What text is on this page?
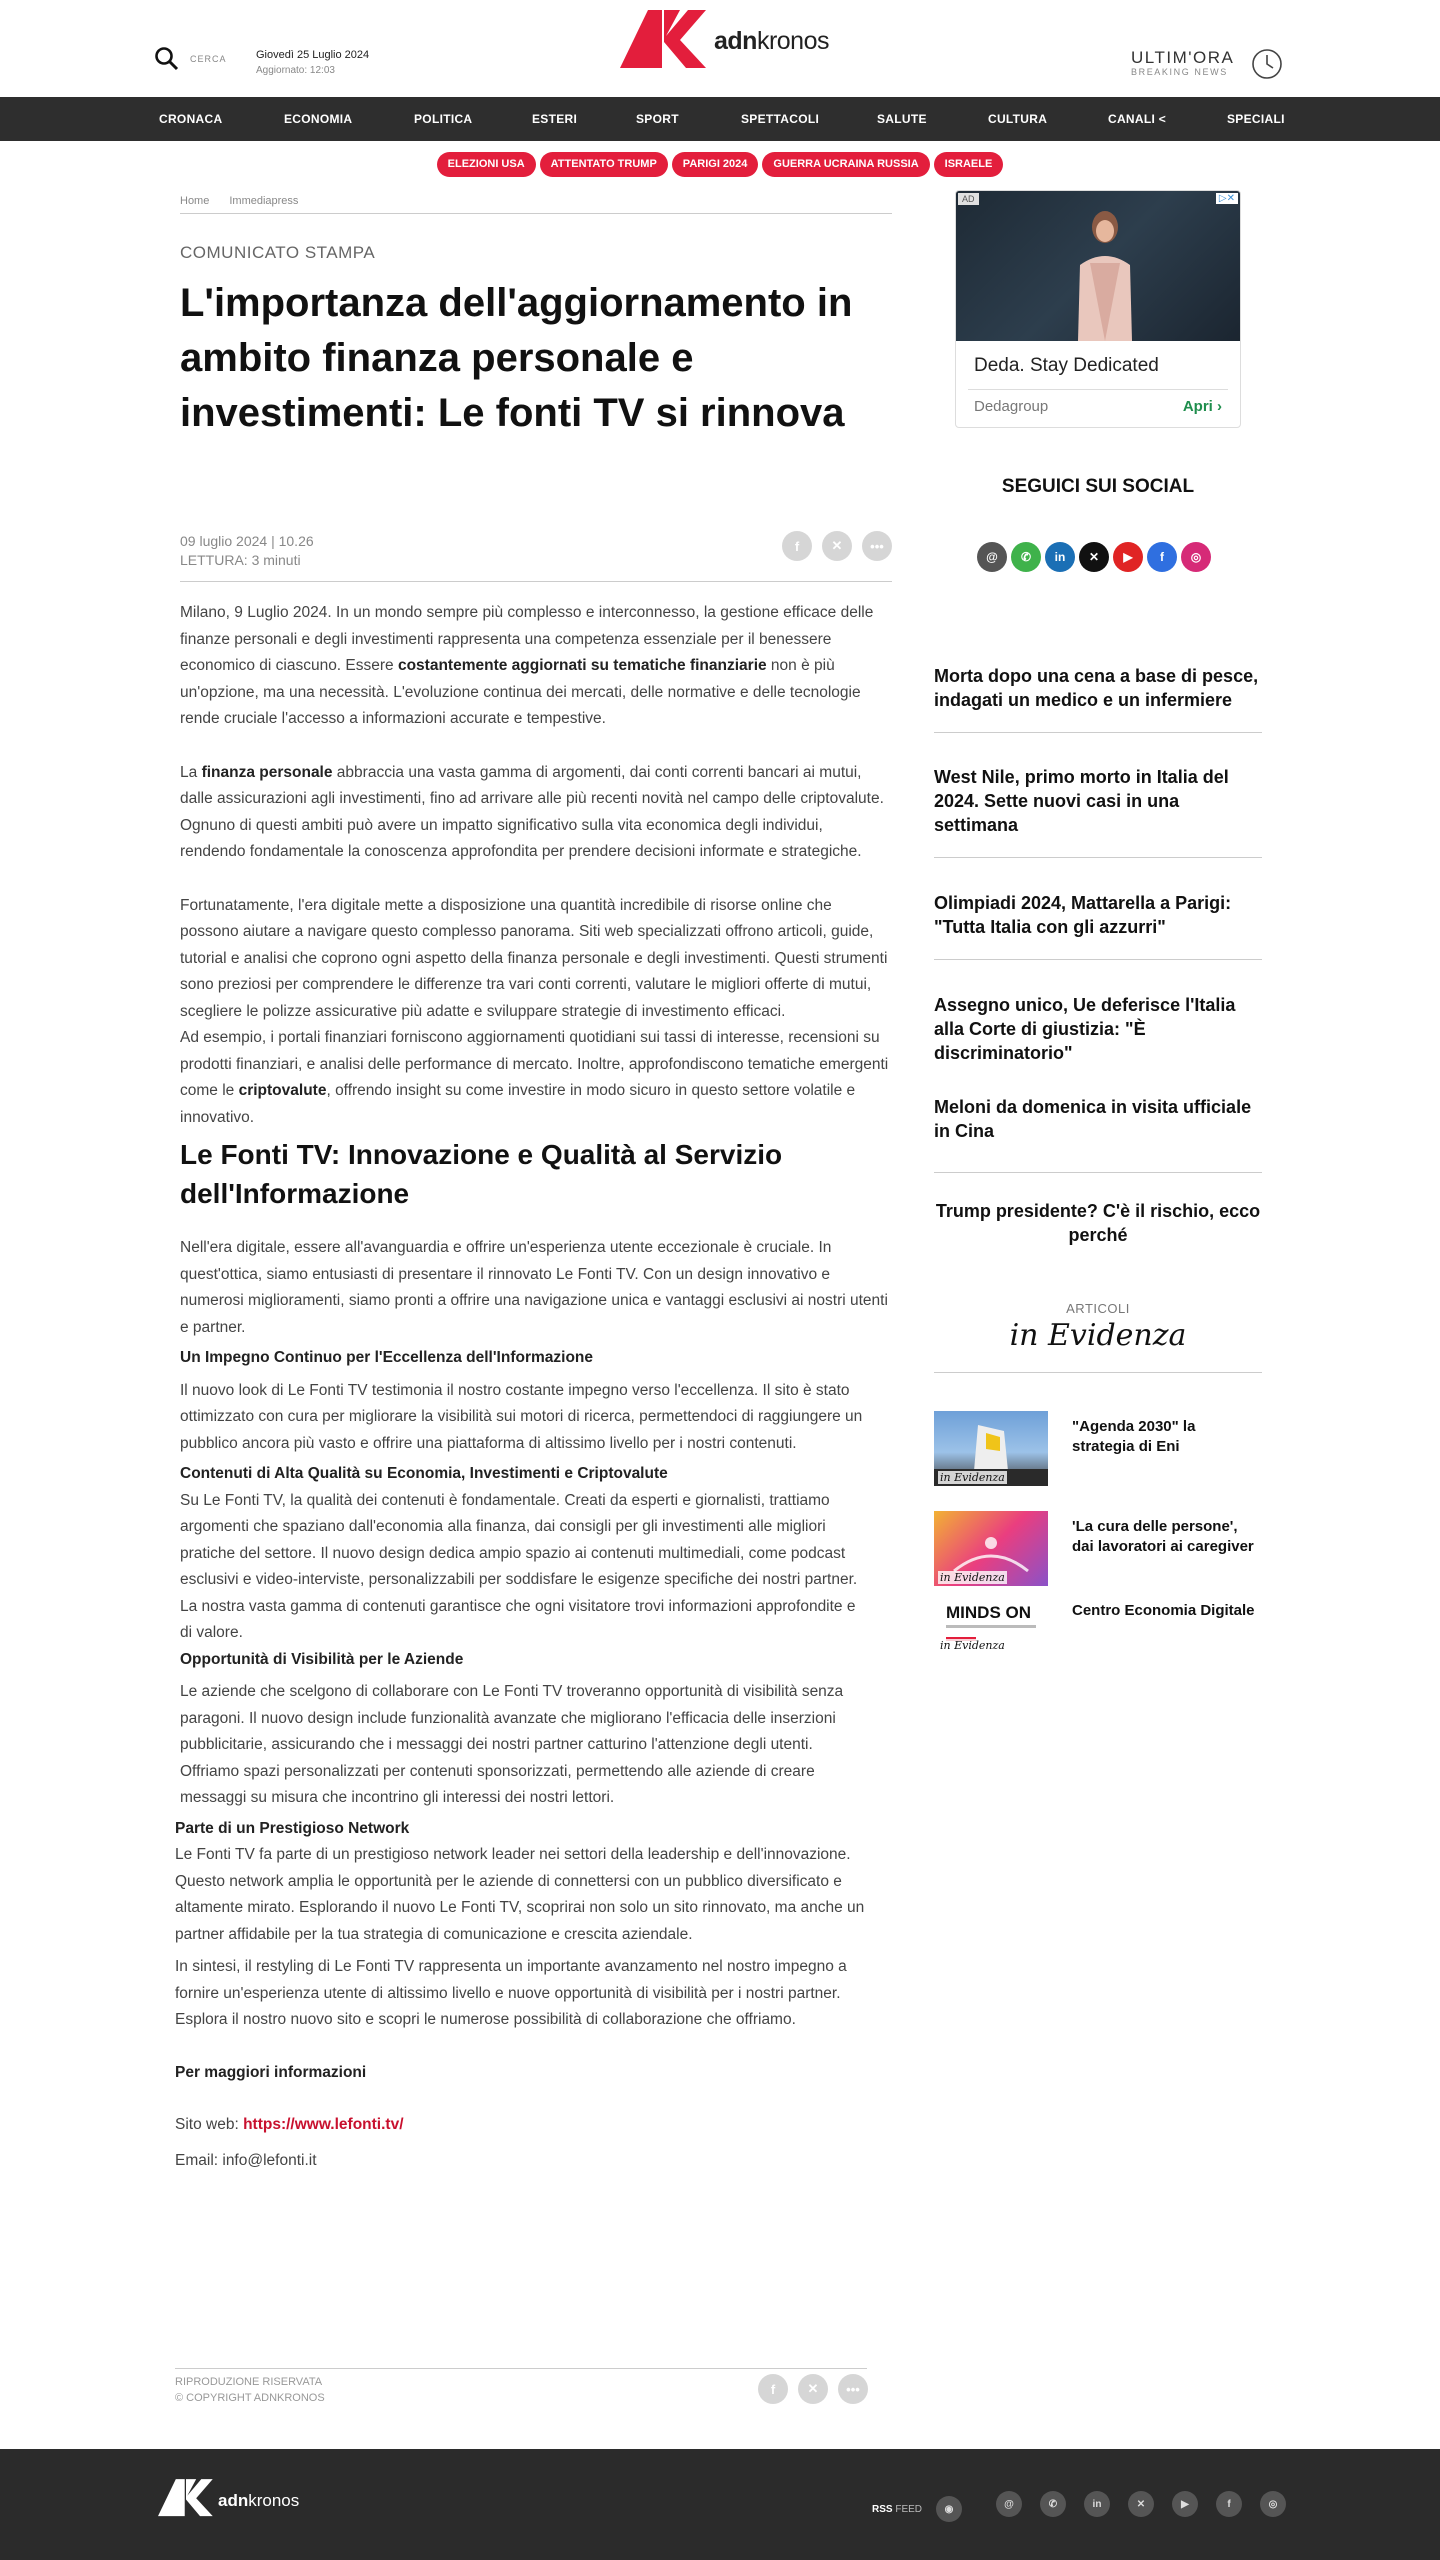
CERCA	Giovedì 25 Luglio 2024
Aggiornato: 12:03
adnkronos
ULTIM'ORA
BREAKING NEWS
CRONACA	ECONOMIA	POLITICA	ESTERI	SPORT	SPETTACOLI	SALUTE	CULTURA	CANALI <	SPECIALI
ELEZIONI USA	ATTENTATO TRUMP	PARIGI 2024	GUERRA UCRAINA RUSSIA	ISRAELE
Home Immediapress
COMUNICATO STAMPA
L'importanza dell'aggiornamento in ambito finanza personale e investimenti: Le fonti TV si rinnova
09 luglio 2024 | 10.26
LETTURA: 3 minuti
f	✕	•••

Milano, 9 Luglio 2024. In un mondo sempre più complesso e interconnesso, la gestione efficace delle finanze personali e degli investimenti rappresenta una competenza essenziale per il benessere economico di ciascuno. Essere costantemente aggiornati su tematiche finanziarie non è più un'opzione, ma una necessità. L'evoluzione continua dei mercati, delle normative e delle tecnologie rende cruciale l'accesso a informazioni accurate e tempestive.

La finanza personale abbraccia una vasta gamma di argomenti, dai conti correnti bancari ai mutui, dalle assicurazioni agli investimenti, fino ad arrivare alle più recenti novità nel campo delle criptovalute. Ognuno di questi ambiti può avere un impatto significativo sulla vita economica degli individui, rendendo fondamentale la conoscenza approfondita per prendere decisioni informate e strategiche.

Fortunatamente, l'era digitale mette a disposizione una quantità incredibile di risorse online che possono aiutare a navigare questo complesso panorama. Siti web specializzati offrono articoli, guide, tutorial e analisi che coprono ogni aspetto della finanza personale e degli investimenti. Questi strumenti sono preziosi per comprendere le differenze tra vari conti correnti, valutare le migliori offerte di mutui, scegliere le polizze assicurative più adatte e sviluppare strategie di investimento efficaci.

Ad esempio, i portali finanziari forniscono aggiornamenti quotidiani sui tassi di interesse, recensioni su prodotti finanziari, e analisi delle performance di mercato. Inoltre, approfondiscono tematiche emergenti come le criptovalute, offrendo insight su come investire in modo sicuro in questo settore volatile e innovativo.

Le Fonti TV: Innovazione e Qualità al Servizio dell'Informazione

Nell'era digitale, essere all'avanguardia e offrire un'esperienza utente eccezionale è cruciale. In quest'ottica, siamo entusiasti di presentare il rinnovato Le Fonti TV. Con un design innovativo e numerosi miglioramenti, siamo pronti a offrire una navigazione unica e vantaggi esclusivi ai nostri utenti e partner.

Un Impegno Continuo per l'Eccellenza dell'Informazione

Il nuovo look di Le Fonti TV testimonia il nostro costante impegno verso l'eccellenza. Il sito è stato ottimizzato con cura per migliorare la visibilità sui motori di ricerca, permettendoci di raggiungere un pubblico ancora più vasto e offrire una piattaforma di altissimo livello per i nostri contenuti.

Contenuti di Alta Qualità su Economia, Investimenti e Criptovalute

Su Le Fonti TV, la qualità dei contenuti è fondamentale. Creati da esperti e giornalisti, trattiamo argomenti che spaziano dall'economia alla finanza, dai consigli per gli investimenti alle migliori pratiche del settore. Il nuovo design dedica ampio spazio ai contenuti multimediali, come podcast esclusivi e video-interviste, personalizzabili per soddisfare le esigenze specifiche dei nostri partner. La nostra vasta gamma di contenuti garantisce che ogni visitatore trovi informazioni approfondite e di valore.

Opportunità di Visibilità per le Aziende

Le aziende che scelgono di collaborare con Le Fonti TV troveranno opportunità di visibilità senza paragoni. Il nuovo design include funzionalità avanzate che migliorano l'efficacia delle inserzioni pubblicitarie, assicurando che i messaggi dei nostri partner catturino l'attenzione degli utenti. Offriamo spazi personalizzati per contenuti sponsorizzati, permettendo alle aziende di creare messaggi su misura che incontrino gli interessi dei nostri lettori.

Parte di un Prestigioso Network

Le Fonti TV fa parte di un prestigioso network leader nei settori della leadership e dell'innovazione. Questo network amplia le opportunità per le aziende di connettersi con un pubblico diversificato e altamente mirato. Esplorando il nuovo Le Fonti TV, scoprirai non solo un sito rinnovato, ma anche un partner affidabile per la tua strategia di comunicazione e crescita aziendale.

In sintesi, il restyling di Le Fonti TV rappresenta un importante avanzamento nel nostro impegno a fornire un'esperienza utente di altissimo livello e nuove opportunità di visibilità per i nostri partner. Esplora il nostro nuovo sito e scopri le numerose possibilità di collaborazione che offriamo.

Per maggiori informazioni

Sito web: https://www.lefonti.tv/

Email: info@lefonti.it

RIPRODUZIONE RISERVATA
© COPYRIGHT ADNKRONOS
f	✕	•••
AD	▷✕
Deda. Stay Dedicated
Dedagroup	Apri ›
SEGUICI SUI SOCIAL
@	✆	in	✕	▶	f	◎
Morta dopo una cena a base di pesce, indagati un medico e un infermiere
West Nile, primo morto in Italia del 2024. Sette nuovi casi in una settimana
Olimpiadi 2024, Mattarella a Parigi: "Tutta Italia con gli azzurri"
Assegno unico, Ue deferisce l'Italia alla Corte di giustizia: "È discriminatorio"
Meloni da domenica in visita ufficiale in Cina
Trump presidente? C'è il rischio, ecco perché
ARTICOLI
in Evidenza
in Evidenza
"Agenda 2030" la strategia di Eni
in Evidenza
'La cura delle persone', dai lavoratori ai caregiver
MINDS ON
in Evidenza
Centro Economia Digitale
adnkronos	RSS FEED	◉	@	✆	in	✕	▶	f	◎
